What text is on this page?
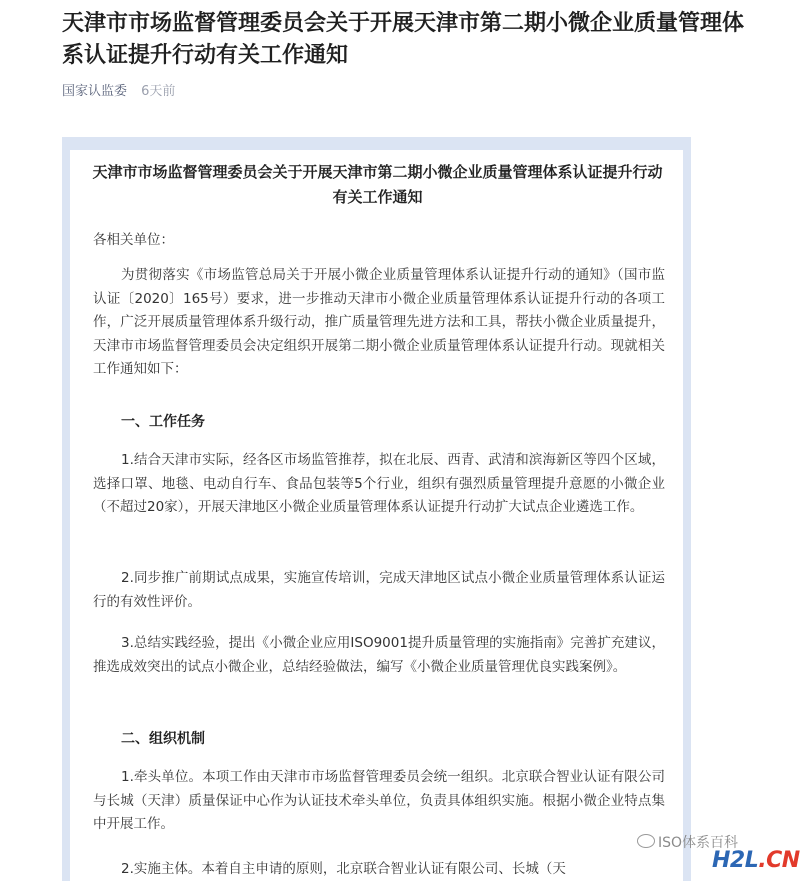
天津市市场监督管理委员会关于开展天津市第二期小微企业质量管理体系认证提升行动有关工作通知
国家认监委 6天前

天津市市场监督管理委员会关于开展天津市第二期小微企业质量管理体系认证提升行动有关工作通知

各相关单位：

为贯彻落实《市场监管总局关于开展小微企业质量管理体系认证提升行动的通知》（国市监认证〔2020〕165号）要求，进一步推动天津市小微企业质量管理体系认证提升行动的各项工作，广泛开展质量管理体系升级行动，推广质量管理先进方法和工具，帮扶小微企业质量提升，天津市市场监督管理委员会决定组织开展第二期小微企业质量管理体系认证提升行动。现就相关工作通知如下：

一、工作任务

1.结合天津市实际，经各区市场监管推荐，拟在北辰、西青、武清和滨海新区等四个区域，选择口罩、地毯、电动自行车、食品包装等5个行业，组织有强烈质量管理提升意愿的小微企业（不超过20家），开展天津地区小微企业质量管理体系认证提升行动扩大试点企业遴选工作。

2.同步推广前期试点成果，实施宣传培训，完成天津地区试点小微企业质量管理体系认证运行的有效性评价。

3.总结实践经验，提出《小微企业应用ISO9001提升质量管理的实施指南》完善扩充建议，推选成效突出的试点小微企业，总结经验做法，编写《小微企业质量管理优良实践案例》。

二、组织机制

1.牵头单位。本项工作由天津市市场监督管理委员会统一组织。北京联合智业认证有限公司与长城（天津）质量保证中心作为认证技术牵头单位，负责具体组织实施。根据小微企业特点集中开展工作。

2.实施主体。本着自主申请的原则，北京联合智业认证有限公司、长城（天

ISO体系百科
H2L.CN
